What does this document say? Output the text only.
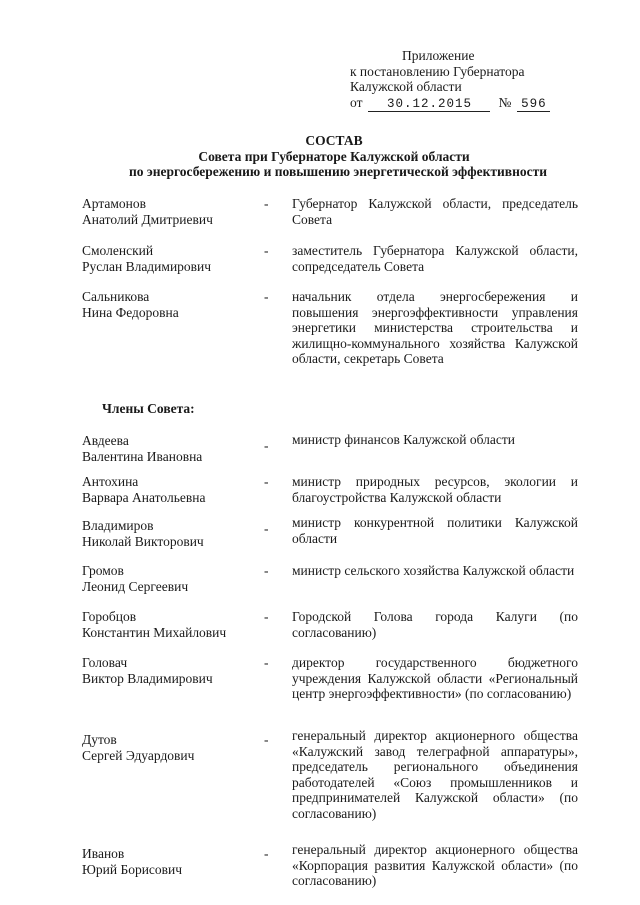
Приложение
к постановлению Губернатора
Калужской области
от 30.12.2015 № 596
СОСТАВ
Совета при Губернаторе Калужской области
по энергосбережению и повышению энергетической эффективности
Артамонов
Анатолий Дмитриевич
- Губернатор Калужской области, председатель Совета
Смоленский
Руслан Владимирович
- заместитель Губернатора Калужской области, сопредседатель Совета
Сальникова
Нина Федоровна
- начальник отдела энергосбережения и повышения энергоэффективности управления энергетики министерства строительства и жилищно-коммунального хозяйства Калужской области, секретарь Совета
Члены Совета:
Авдеева
Валентина Ивановна
- министр финансов Калужской области
Антохина
Варвара Анатольевна
- министр природных ресурсов, экологии и благоустройства Калужской области
Владимиров
Николай Викторович
- министр конкурентной политики Калужской области
Громов
Леонид Сергеевич
- министр сельского хозяйства Калужской области
Горобцов
Константин Михайлович
- Городской Голова города Калуги (по согласованию)
Головач
Виктор Владимирович
- директор государственного бюджетного учреждения Калужской области «Региональный центр энергоэффективности» (по согласованию)
Дутов
Сергей Эдуардович
- генеральный директор акционерного общества «Калужский завод телеграфной аппаратуры», председатель регионального объединения работодателей «Союз промышленников и предпринимателей Калужской области» (по согласованию)
Иванов
Юрий Борисович
- генеральный директор акционерного общества «Корпорация развития Калужской области» (по согласованию)
